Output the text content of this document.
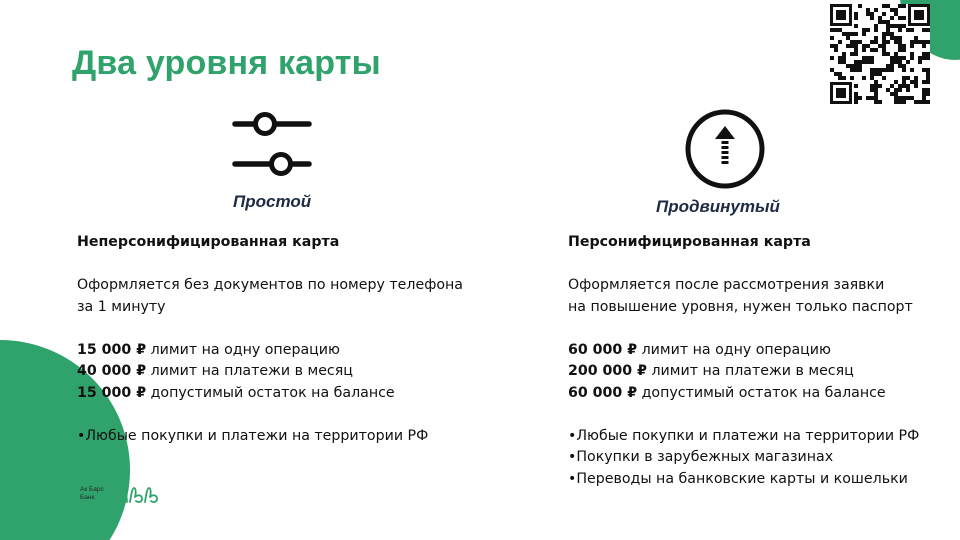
Два уровня карты
Простой	Продвинутый
Неперсонифицированная карта
Оформляется без документов по номеру телефона
за 1 минуту
15 000 ₽ лимит на одну операцию
40 000 ₽ лимит на платежи в месяц
15 000 ₽ допустимый остаток на балансе
•Любые покупки и платежи на территории РФ
Персонифицированная карта
Оформляется после рассмотрения заявки
на повышение уровня, нужен только паспорт
60 000 ₽ лимит на одну операцию
200 000 ₽ лимит на платежи в месяц
60 000 ₽ допустимый остаток на балансе
•Любые покупки и платежи на территории РФ
•Покупки в зарубежных магазинах
•Переводы на банковские карты и кошельки
Ак Барс
Банк
